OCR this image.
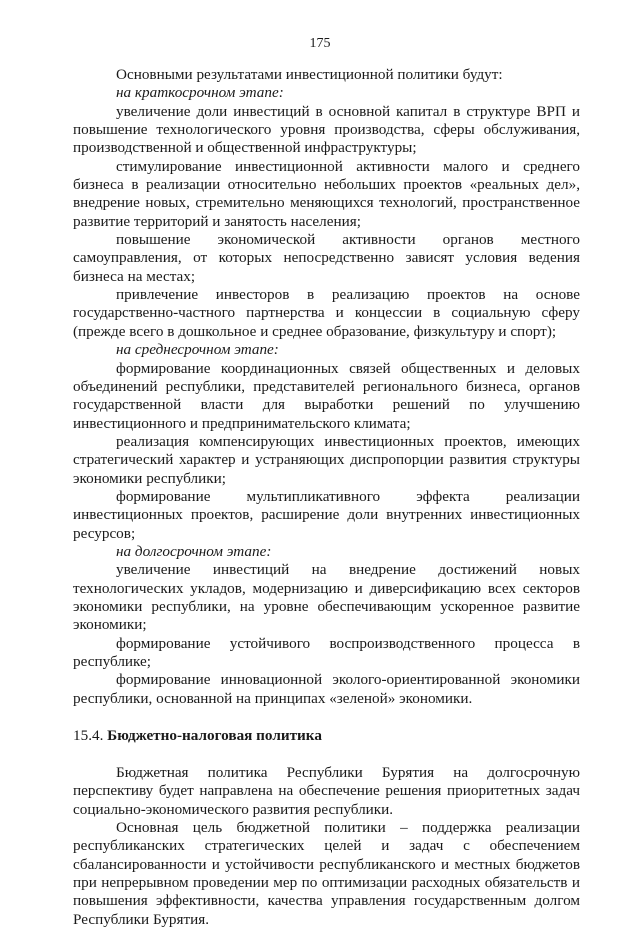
175

Основными результатами инвестиционной политики будут:

на краткосрочном этапе:

увеличение доли инвестиций в основной капитал в структуре ВРП и повышение технологического уровня производства, сферы обслуживания, производственной и общественной инфраструктуры;

стимулирование инвестиционной активности малого и среднего бизнеса в реализации относительно небольших проектов «реальных дел», внедрение новых, стремительно меняющихся технологий, пространственное развитие территорий и занятость населения;

повышение экономической активности органов местного самоуправления, от которых непосредственно зависят условия ведения бизнеса на местах;

привлечение инвесторов в реализацию проектов на основе государственно-частного партнерства и концессии в социальную сферу (прежде всего в дошкольное и среднее образование, физкультуру и спорт);

на среднесрочном этапе:

формирование координационных связей общественных и деловых объединений республики, представителей регионального бизнеса, органов государственной власти для выработки решений по улучшению инвестиционного и предпринимательского климата;

реализация компенсирующих инвестиционных проектов, имеющих стратегический характер и устраняющих диспропорции развития структуры экономики республики;

формирование мультипликативного эффекта реализации инвестиционных проектов, расширение доли внутренних инвестиционных ресурсов;

на долгосрочном этапе:

увеличение инвестиций на внедрение достижений новых технологических укладов, модернизацию и диверсификацию всех секторов экономики республики, на уровне обеспечивающим ускоренное развитие экономики;

формирование устойчивого воспроизводственного процесса в республике;

формирование инновационной эколого-ориентированной экономики республики, основанной на принципах «зеленой» экономики.

15.4. Бюджетно-налоговая политика

Бюджетная политика Республики Бурятия на долгосрочную перспективу будет направлена на обеспечение решения приоритетных задач социально-экономического развития республики.

Основная цель бюджетной политики – поддержка реализации республиканских стратегических целей и задач с обеспечением сбалансированности и устойчивости республиканского и местных бюджетов при непрерывном проведении мер по оптимизации расходных обязательств и повышения эффективности, качества управления государственным долгом Республики Бурятия.
